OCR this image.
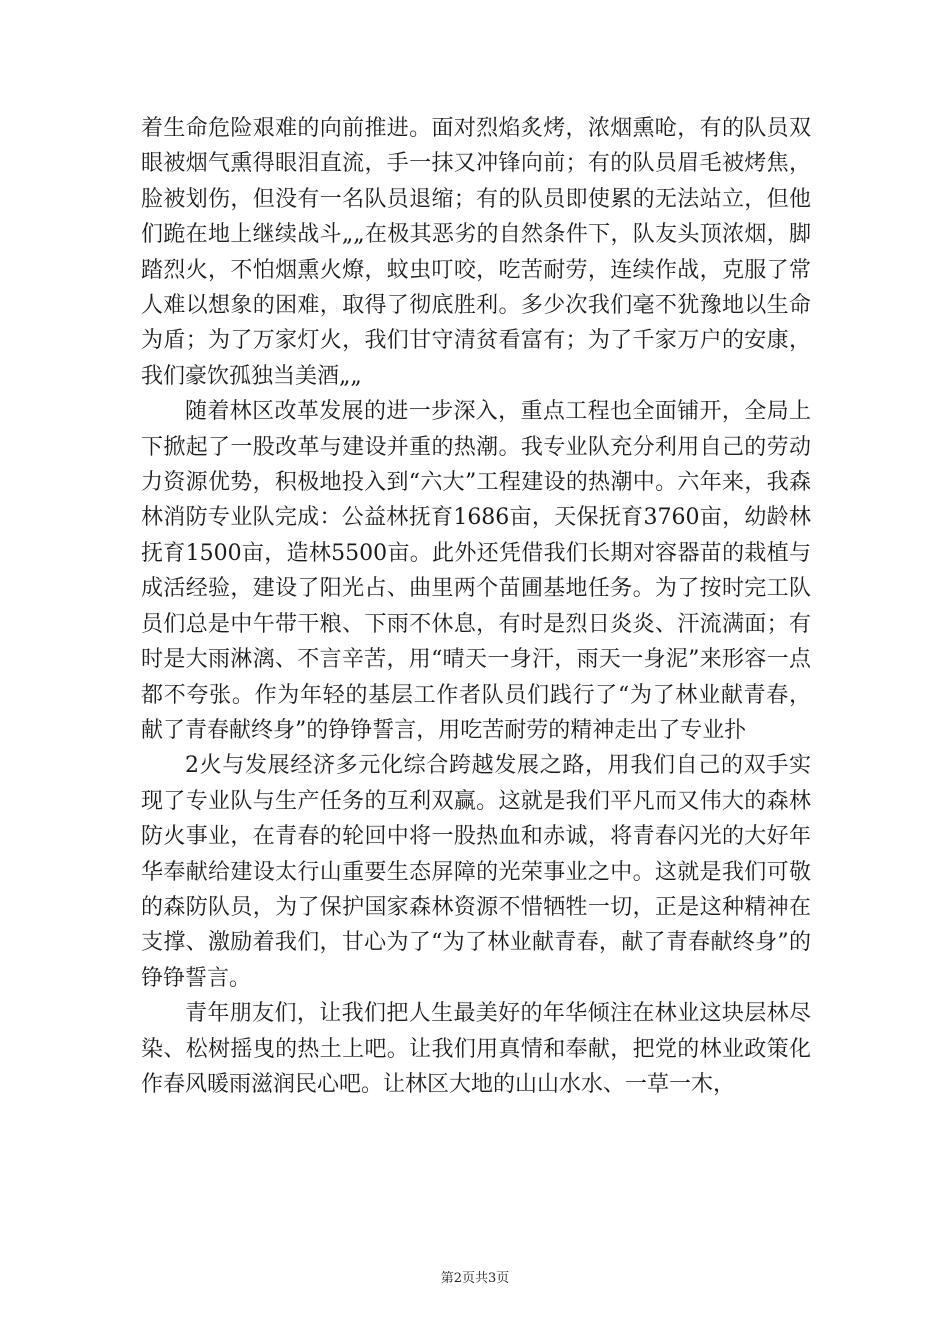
着生命危险艰难的向前推进。面对烈焰炙烤，浓烟熏呛，有的队员双眼被烟气熏得眼泪直流，手一抹又冲锋向前；有的队员眉毛被烤焦，脸被划伤，但没有一名队员退缩；有的队员即使累的无法站立，但他们跪在地上继续战斗„„在极其恶劣的自然条件下，队友头顶浓烟，脚踏烈火，不怕烟熏火燎，蚊虫叮咬，吃苦耐劳，连续作战，克服了常人难以想象的困难，取得了彻底胜利。多少次我们毫不犹豫地以生命为盾；为了万家灯火，我们甘守清贫看富有；为了千家万户的安康，我们豪饮孤独当美酒„„

随着林区改革发展的进一步深入，重点工程也全面铺开，全局上下掀起了一股改革与建设并重的热潮。我专业队充分利用自己的劳动力资源优势，积极地投入到“六大”工程建设的热潮中。六年来，我森林消防专业队完成：公益林抚育1686亩，天保抚育3760亩，幼龄林抚育1500亩，造林5500亩。此外还凭借我们长期对容器苗的栽植与成活经验，建设了阳光占、曲里两个苗圃基地任务。为了按时完工队员们总是中午带干粮、下雨不休息，有时是烈日炎炎、汗流满面；有时是大雨淋漓、不言辛苦，用“晴天一身汗，雨天一身泥”来形容一点都不夸张。作为年轻的基层工作者队员们践行了“为了林业献青春，献了青春献终身”的铮铮誓言，用吃苦耐劳的精神走出了专业扑

2火与发展经济多元化综合跨越发展之路，用我们自己的双手实现了专业队与生产任务的互利双赢。这就是我们平凡而又伟大的森林防火事业，在青春的轮回中将一股热血和赤诚，将青春闪光的大好年华奉献给建设太行山重要生态屏障的光荣事业之中。这就是我们可敬的森防队员，为了保护国家森林资源不惜牺牲一切，正是这种精神在支撑、激励着我们，甘心为了“为了林业献青春，献了青春献终身”的铮铮誓言。

青年朋友们，让我们把人生最美好的年华倾注在林业这块层林尽染、松树摇曳的热土上吧。让我们用真情和奉献，把党的林业政策化作春风暖雨滋润民心吧。让林区大地的山山水水、一草一木，

第2页共3页
